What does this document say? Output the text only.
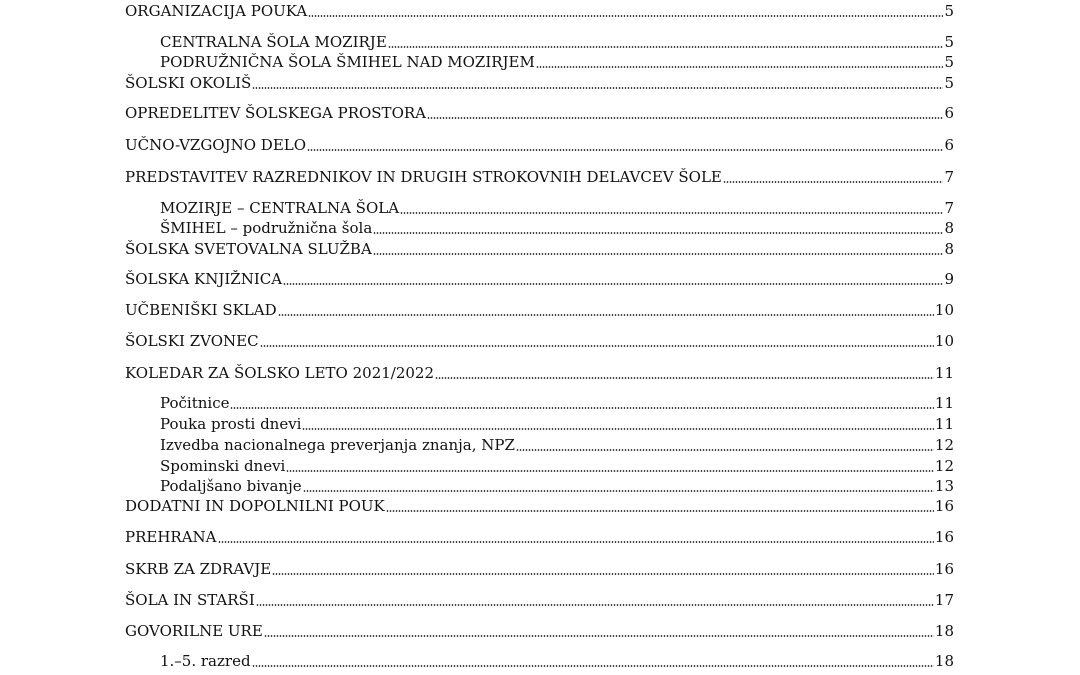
ORGANIZACIJA POUKA	5
CENTRALNA ŠOLA MOZIRJE	5
PODRUŽNIČNA ŠOLA ŠMIHEL NAD MOZIRJEM	5
ŠOLSKI OKOLIŠ	5
OPREDELITEV ŠOLSKEGA PROSTORA	6
UČNO-VZGOJNO DELO	6
PREDSTAVITEV RAZREDNIKOV IN DRUGIH STROKOVNIH DELAVCEV ŠOLE	7
MOZIRJE – CENTRALNA ŠOLA	7
ŠMIHEL – podružnična šola	8
ŠOLSKA SVETOVALNA SLUŽBA	8
ŠOLSKA KNJIŽNICA	9
UČBENIŠKI SKLAD	10
ŠOLSKI ZVONEC	10
KOLEDAR ZA ŠOLSKO LETO 2021/2022	11
Počitnice	11
Pouka prosti dnevi	11
Izvedba nacionalnega preverjanja znanja, NPZ	12
Spominski dnevi	12
Podaljšano bivanje	13
DODATNI IN DOPOLNILNI POUK	16
PREHRANA	16
SKRB ZA ZDRAVJE	16
ŠOLA IN STARŠI	17
GOVORILNE URE	18
1.–5. razred	18
